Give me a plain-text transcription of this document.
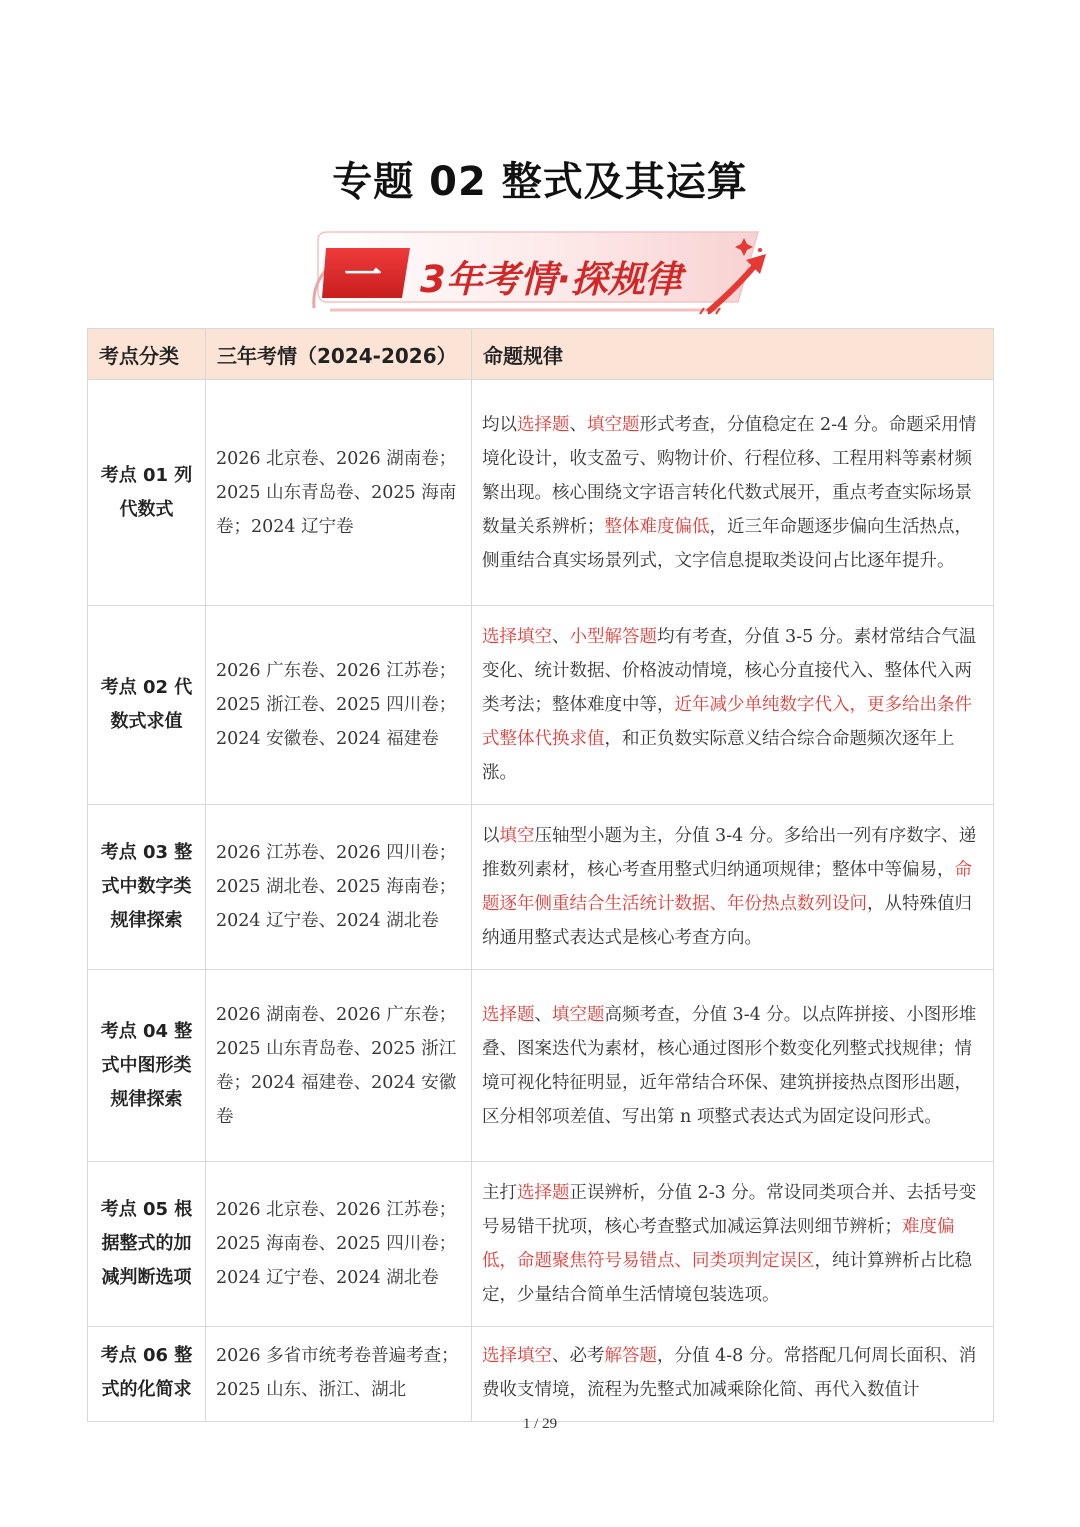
专题 02 整式及其运算
一 3年考情·探规律
考点分类	三年考情（2024-2026）	命题规律
考点 01 列代数式	2026 北京卷、2026 湖南卷；2025 山东青岛卷、2025 海南卷；2024 辽宁卷	均以选择题、填空题形式考查，分值稳定在 2-4 分。命题采用情境化设计，收支盈亏、购物计价、行程位移、工程用料等素材频繁出现。核心围绕文字语言转化代数式展开，重点考查实际场景数量关系辨析；整体难度偏低，近三年命题逐步偏向生活热点，侧重结合真实场景列式，文字信息提取类设问占比逐年提升。
考点 02 代数式求值	2026 广东卷、2026 江苏卷；2025 浙江卷、2025 四川卷；2024 安徽卷、2024 福建卷	选择填空、小型解答题均有考查，分值 3-5 分。素材常结合气温变化、统计数据、价格波动情境，核心分直接代入、整体代入两类考法；整体难度中等，近年减少单纯数字代入，更多给出条件式整体代换求值，和正负数实际意义结合综合命题频次逐年上涨。
考点 03 整式中数字类规律探索	2026 江苏卷、2026 四川卷；2025 湖北卷、2025 海南卷；2024 辽宁卷、2024 湖北卷	以填空压轴型小题为主，分值 3-4 分。多给出一列有序数字、递推数列素材，核心考查用整式归纳通项规律；整体中等偏易，命题逐年侧重结合生活统计数据、年份热点数列设问，从特殊值归纳通用整式表达式是核心考查方向。
考点 04 整式中图形类规律探索	2026 湖南卷、2026 广东卷；2025 山东青岛卷、2025 浙江卷；2024 福建卷、2024 安徽卷	选择题、填空题高频考查，分值 3-4 分。以点阵拼接、小图形堆叠、图案迭代为素材，核心通过图形个数变化列整式找规律；情境可视化特征明显，近年常结合环保、建筑拼接热点图形出题，区分相邻项差值、写出第 n 项整式表达式为固定设问形式。
考点 05 根据整式的加减判断选项	2026 北京卷、2026 江苏卷；2025 海南卷、2025 四川卷；2024 辽宁卷、2024 湖北卷	主打选择题正误辨析，分值 2-3 分。常设同类项合并、去括号变号易错干扰项，核心考查整式加减运算法则细节辨析；难度偏低，命题聚焦符号易错点、同类项判定误区，纯计算辨析占比稳定，少量结合简单生活情境包装选项。
考点 06 整式的化简求	2026 多省市统考卷普遍考查；2025 山东、浙江、湖北	选择填空、必考解答题，分值 4-8 分。常搭配几何周长面积、消费收支情境，流程为先整式加减乘除化简、再代入数值计
1 / 29
